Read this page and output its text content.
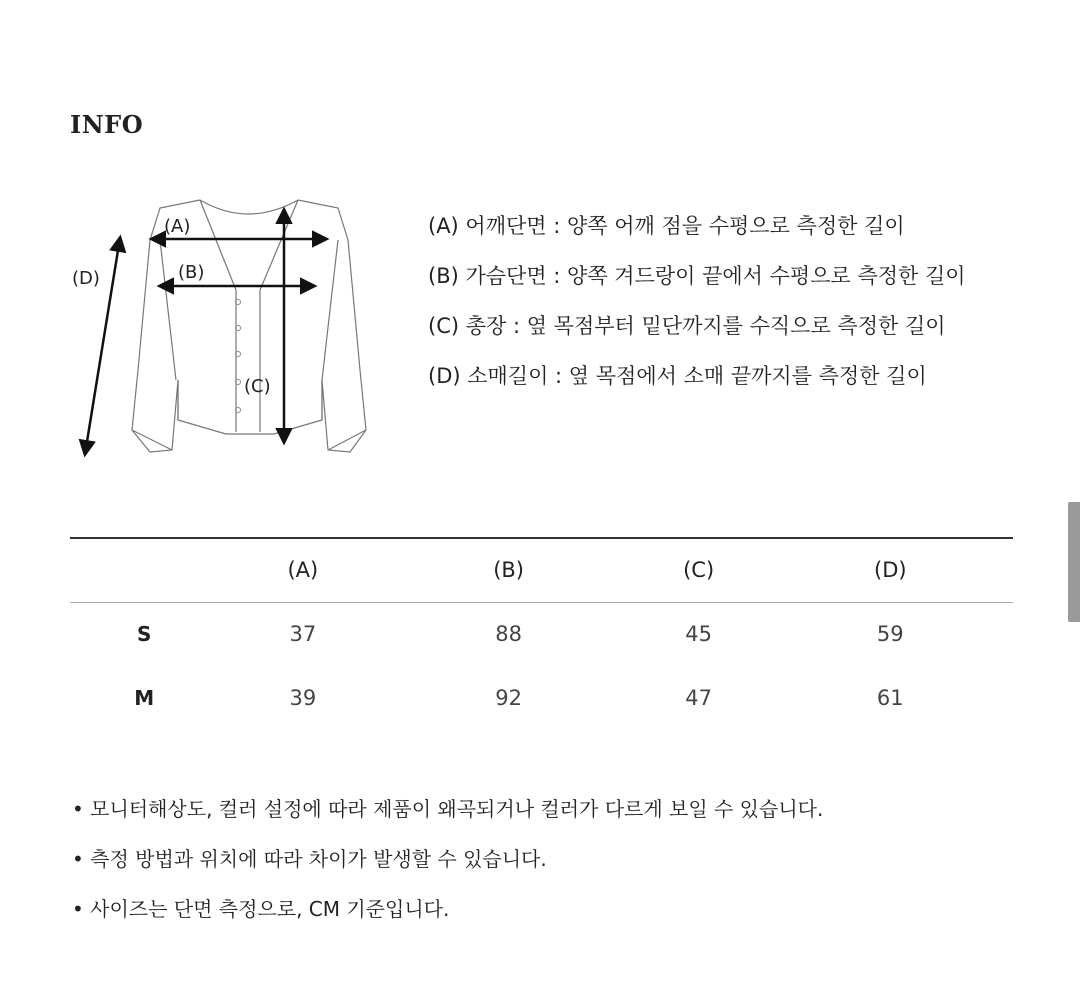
INFO
(A)
(B)
(C)
(D)
(A) 어깨단면 : 양쪽 어깨 점을 수평으로 측정한 길이
(B) 가슴단면 : 양쪽 겨드랑이 끝에서 수평으로 측정한 길이
(C) 총장 : 옆 목점부터 밑단까지를 수직으로 측정한 길이
(D) 소매길이 : 옆 목점에서 소매 끝까지를 측정한 길이
	(A)	(B)	(C)	(D)
S	37	88	45	59
M	39	92	47	61
• 모니터해상도, 컬러 설정에 따라 제품이 왜곡되거나 컬러가 다르게 보일 수 있습니다.
• 측정 방법과 위치에 따라 차이가 발생할 수 있습니다.
• 사이즈는 단면 측정으로, CM 기준입니다.
